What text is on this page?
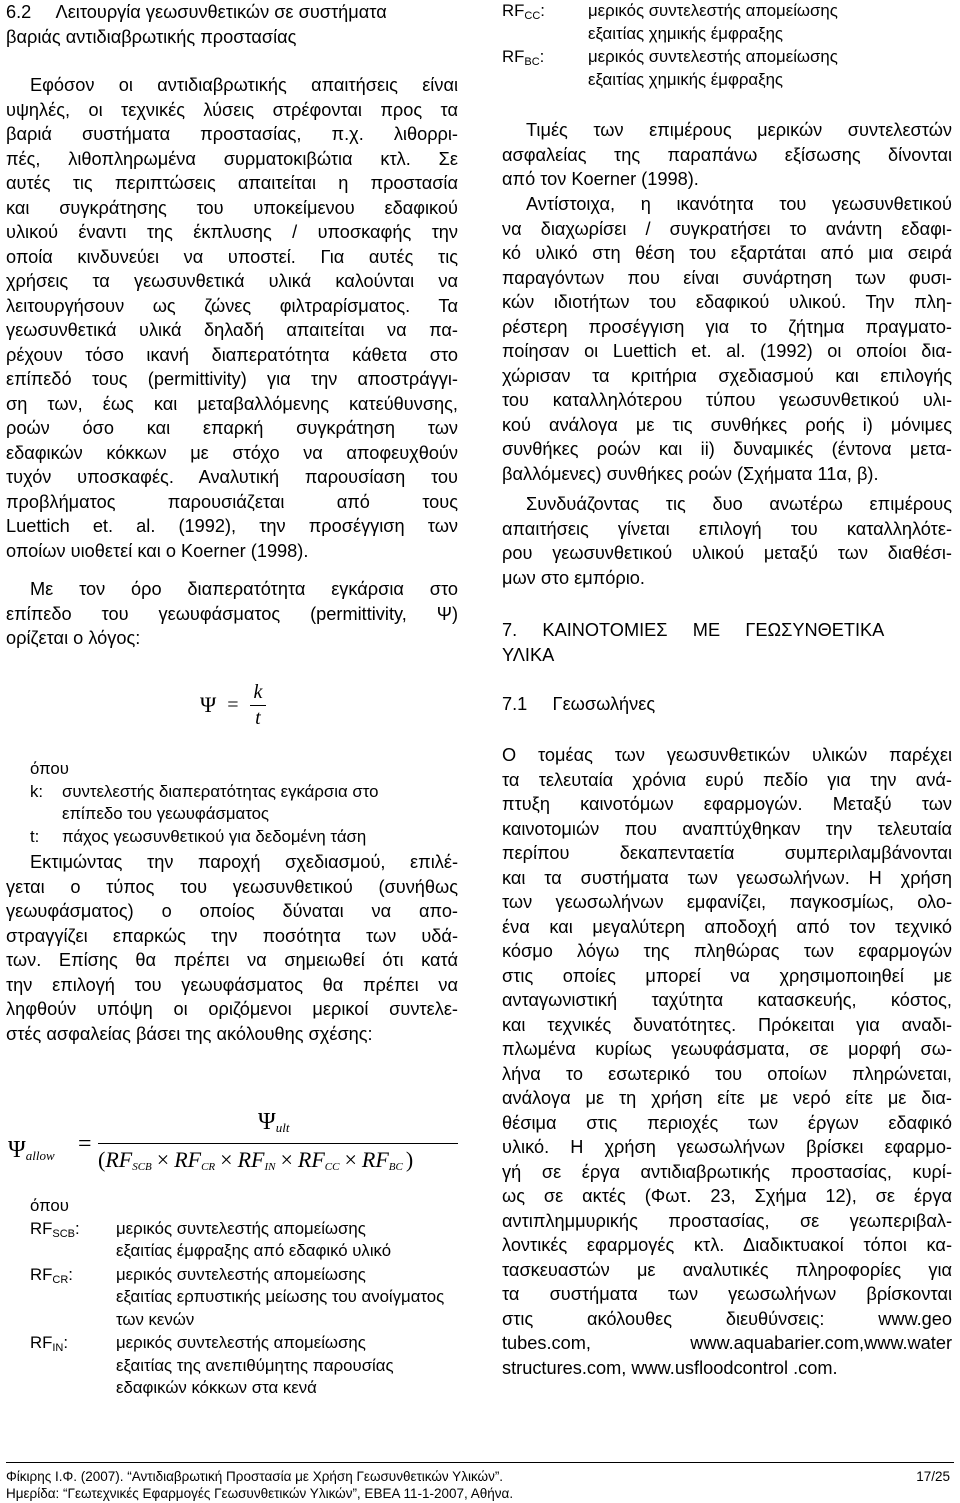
6.2     Λειτουργία γεωσυνθετικών σε συστήματα
βαριάς αντιδιαβρωτικής προστασίας
Εφόσον οι αντιδιαβρωτικής απαιτήσεις είναι
υψηλές, οι τεχνικές λύσεις στρέφονται προς τα
βαριά συστήματα προστασίας, π.χ. λιθορρι-
πές, λιθοπληρωμένα συρματοκιβώτια κτλ. Σε
αυτές τις περιπτώσεις απαιτείται η προστασία
και συγκράτησης του υποκείμενου εδαφικού
υλικού έναντι της έκπλυσης / υποσκαφής την
οποία κινδυνεύει να υποστεί. Για αυτές τις
χρήσεις τα γεωσυνθετικά υλικά καλούνται να
λειτουργήσουν ως ζώνες φιλτραρίσματος. Τα
γεωσυνθετικά υλικά δηλαδή απαιτείται να πα-
ρέχουν τόσο ικανή διαπερατότητα κάθετα στο
επίπεδό τους (permittivity) για την αποστράγγι-
ση των, έως και μεταβαλλόμενης κατεύθυνσης,
ροών όσο και επαρκή συγκράτηση των
εδαφικών κόκκων με στόχο να αποφευχθούν
τυχόν υποσκαφές. Αναλυτική παρουσίαση του
προβλήματος παρουσιάζεται από τους
Luettich et. al. (1992), την προσέγγιση των
οποίων υιοθετεί και ο Koerner (1998).
Με τον όρο διαπερατότητα εγκάρσια στο
επίπεδο του γεωυφάσματος (permittivity, Ψ)
ορίζεται ο λόγος:
$\Psi = \frac{k}{t}$
όπου
k:	συντελεστής διαπερατότητας εγκάρσια στο επίπεδο του γεωυφάσματος
t:	πάχος γεωσυνθετικού για δεδομένη τάση
Εκτιμώντας την παροχή σχεδιασμού, επιλέ-
γεται ο τύπος του γεωσυνθετικού (συνήθως
γεωυφάσματος) ο οποίος δύναται να απο-
στραγγίζει επαρκώς την ποσότητα των υδά-
των. Επίσης θα πρέπει να σημειωθεί ότι κατά
την επιλογή του γεωυφάσματος θα πρέπει να
ληφθούν υπόψη οι οριζόμενοι μερικοί συντελε-
στές ασφαλείας βάσει της ακόλουθης σχέσης:
$\Psi_{allow}$ =
$\Psi_{ult}$
($RF_{SCB} \times RF_{CR} \times RF_{IN} \times RF_{CC} \times RF_{BC}$ )
όπου
$RF_{SCB}$:	μερικός συντελεστής απομείωσης
εξαιτίας έμφραξης από εδαφικό υλικό
$RF_{CR}$:	μερικός συντελεστής απομείωσης
εξαιτίας ερπυστικής μείωσης του ανοίγματος των κενών
$RF_{IN}$:	μερικός συντελεστής απομείωσης
εξαιτίας της ανεπιθύμητης παρουσίας εδαφικών κόκκων στα κενά
$RF_{CC}$:	μερικός συντελεστής απομείωσης
εξαιτίας χημικής έμφραξης
$RF_{BC}$:	μερικός συντελεστής απομείωσης
εξαιτίας χημικής έμφραξης
Τιμές των επιμέρους μερικών συντελεστών
ασφαλείας της παραπάνω εξίσωσης δίνονται
από τον Koerner (1998).
Αντίστοιχα, η ικανότητα του γεωσυνθετικού
να διαχωρίσει / συγκρατήσει το ανάντη εδαφι-
κό υλικό στη θέση του εξαρτάται από μια σειρά
παραγόντων που είναι συνάρτηση των φυσι-
κών ιδιοτήτων του εδαφικού υλικού. Την πλη-
ρέστερη προσέγγιση για το ζήτημα πραγματο-
ποίησαν οι Luettich et. al. (1992) οι οποίοι δια-
χώρισαν τα κριτήρια σχεδιασμού και επιλογής
του καταλληλότερου τύπου γεωσυνθετικού υλι-
κού ανάλογα με τις συνθήκες ροής i) μόνιμες
συνθήκες ροών και ii) δυναμικές (έντονα μετα-
βαλλόμενες) συνθήκες ροών (Σχήματα 11α, β).
Συνδυάζοντας τις δυο ανωτέρω επιμέρους
απαιτήσεις γίνεται επιλογή του καταλληλότε-
ρου γεωσυνθετικού υλικού μεταξύ των διαθέσι-
μων στο εμπόριο.
7.     ΚΑΙΝΟΤΟΜΙΕΣ     ΜΕ     ΓΕΩΣΥΝΘΕΤΙΚΑ
ΥΛΙΚΑ
7.1     Γεωσωλήνες
Ο τομέας των γεωσυνθετικών υλικών παρέχει
τα τελευταία χρόνια ευρύ πεδίο για την ανά-
πτυξη καινοτόμων εφαρμογών. Μεταξύ των
καινοτομιών που αναπτύχθηκαν την τελευταία
περίπου δεκαπενταετία συμπεριλαμβάνονται
και τα συστήματα των γεωσωλήνων. Η χρήση
των γεωσωλήνων εμφανίζει, παγκοσμίως, ολο-
ένα και μεγαλύτερη αποδοχή από τον τεχνικό
κόσμο λόγω της πληθώρας των εφαρμογών
στις οποίες μπορεί να χρησιμοποιηθεί με
ανταγωνιστική ταχύτητα κατασκευής, κόστος,
και τεχνικές δυνατότητες. Πρόκειται για αναδι-
πλωμένα κυρίως γεωυφάσματα, σε μορφή σω-
λήνα το εσωτερικό του οποίων πληρώνεται,
ανάλογα με τη χρήση είτε με νερό είτε με δια-
θέσιμα στις περιοχές των έργων εδαφικό
υλικό. Η χρήση γεωσωλήνων βρίσκει εφαρμο-
γή σε έργα αντιδιαβρωτικής προστασίας, κυρί-
ως σε ακτές (Φωτ. 23, Σχήμα 12), σε έργα
αντιπλημμυρικής προστασίας, σε γεωπεριβαλ-
λοντικές εφαρμογές κτλ. Διαδικτυακοί τόποι κα-
τασκευαστών με αναλυτικές πληροφορίες για
τα συστήματα των γεωσωλήνων βρίσκονται
στις ακόλουθες διευθύνσεις: www.geo
tubes.com, www.aquabarier.com,www.water
structures.com, www.usfloodcontrol .com.
Φίκιρης Ι.Φ. (2007). “Αντιδιαβρωτική Προστασία με Χρήση Γεωσυνθετικών Υλικών”.	17/25
Ημερίδα: “Γεωτεχνικές Εφαρμογές Γεωσυνθετικών Υλικών”, ΕΒΕΑ 11-1-2007, Αθήνα.
